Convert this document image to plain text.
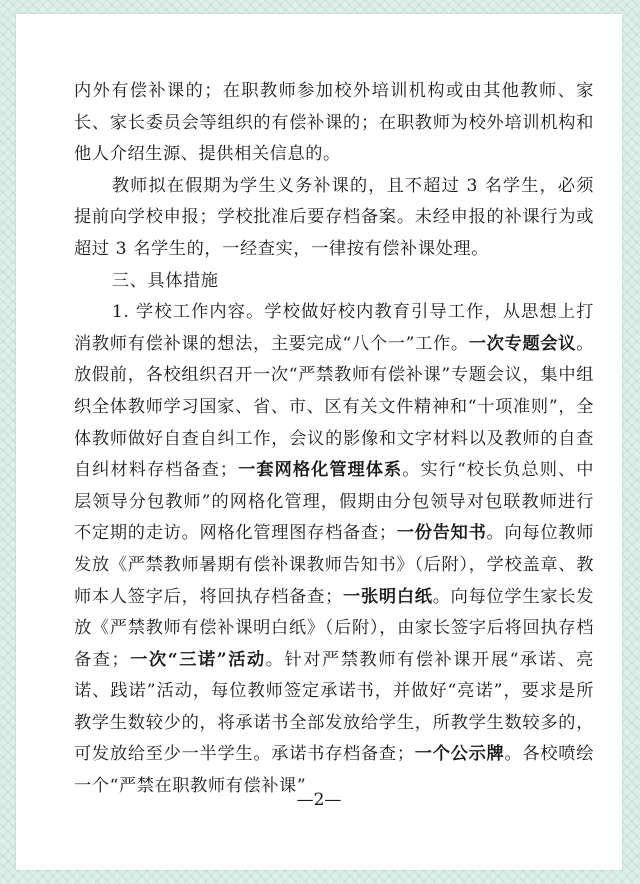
内外有偿补课的；在职教师参加校外培训机构或由其他教师、家长、家长委员会等组织的有偿补课的；在职教师为校外培训机构和他人介绍生源、提供相关信息的。

教师拟在假期为学生义务补课的，且不超过 3 名学生，必须提前向学校申报；学校批准后要存档备案。未经申报的补课行为或超过 3 名学生的，一经查实，一律按有偿补课处理。

三、具体措施

1. 学校工作内容。学校做好校内教育引导工作，从思想上打消教师有偿补课的想法，主要完成“八个一”工作。一次专题会议。放假前，各校组织召开一次“严禁教师有偿补课”专题会议，集中组织全体教师学习国家、省、市、区有关文件精神和“十项准则”，全体教师做好自查自纠工作，会议的影像和文字材料以及教师的自查自纠材料存档备查；一套网格化管理体系。实行“校长负总则、中层领导分包教师”的网格化管理，假期由分包领导对包联教师进行不定期的走访。网格化管理图存档备查；一份告知书。向每位教师发放《严禁教师暑期有偿补课教师告知书》（后附），学校盖章、教师本人签字后，将回执存档备查；一张明白纸。向每位学生家长发放《严禁教师有偿补课明白纸》（后附），由家长签字后将回执存档备查；一次“三诺”活动。针对严禁教师有偿补课开展“承诺、亮诺、践诺”活动，每位教师签定承诺书，并做好“亮诺”，要求是所教学生数较少的，将承诺书全部发放给学生，所教学生数较多的，可发放给至少一半学生。承诺书存档备查；一个公示牌。各校喷绘一个“严禁在职教师有偿补课”

—2—
